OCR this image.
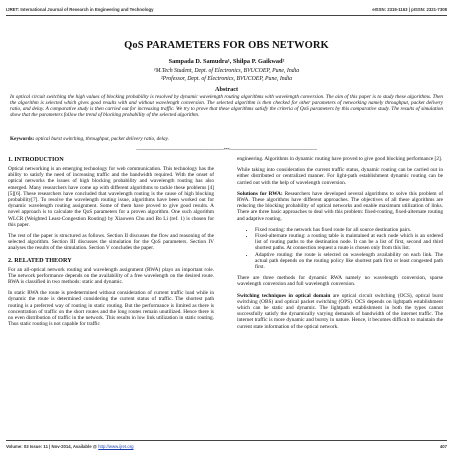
IJRET: International Journal of Research in Engineering and Technology	eISSN: 2319-1163 | pISSN: 2321-7308
QoS PARAMETERS FOR OBS NETWORK
Sampada D. Samudra¹, Shilpa P. Gaikwad²
¹M.Tech Student, Dept. of Electronics, BVUCOEP, Pune, India
²Professor, Dept. of Electronics, BVUCOEP, Pune, India
Abstract
In optical circuit switching the high values of blocking probability is resolved by dynamic wavelength routing algorithms with wavelength conversion. The aim of this paper is to study these algorithms. Then the algorithm is selected which gives good results with and without wavelength conversion. The selected algorithm is then checked for other parameters of networking namely throughput, packet delivery ratio, and delay. A comparative study is then carried out for increasing traffic. We try to prove that these algorithms satisfy the criteria of QoS parameters by this comparative study. The results of simulation show that the parameters follow the trend of blocking probability of the selected algorithm.
Keywords: optical burst switching, throughput, packet delivery ratio, delay.
-------------------------------------------------------------------------***-------------------------------------------------------------------------
1. INTRODUCTION

Optical networking is an emerging technology for web communication. This technology has the ability to satisfy the need of increasing traffic and the bandwidth required. With the onset of optical networks the issues of high blocking probability and wavelength routing has also emerged. Many researchers have come up with different algorithms to tackle these problems [4][5][6]. These researchers have concluded that wavelength routing is the cause of high blocking probability[7]. To resolve the wavelength routing issue, algorithms have been worked out for dynamic wavelength routing assignment. Some of them have proved to give good results. A novel approach is to calculate the QoS parameters for a proven algorithm. One such algorithm WLCR (Weighted Least-Congestion Routing) by Xiaowen Chu and Bo Li (ref. 1) is chosen for this paper.

The rest of the paper is structured as follows. Section II discusses the flow and reasoning of the selected algorithm. Section III discusses the simulation for the QoS parameters. Section IV analyses the results of the simulation. Section V concludes the paper.

2. RELATED THEORY

For an all-optical network routing and wavelength assignment (RWA) plays an important role. The network performance depends on the availability of a free wavelength on the desired route. RWA is classified in two methods: static and dynamic.

In static RWA the route is predetermined without consideration of current traffic load while in dynamic the route is determined considering the current status of traffic. The shortest path routing is a preferred way of routing in static routing. But the performance is limited as there is concentration of traffic on the short routes and the long routes remain unutilized. Hence there is no even distribution of traffic in the network. This results in low link utilization in static routing. Thus static routing is not capable for traffic

engineering. Algorithms in dynamic routing have proved to give good blocking performance [2].

While taking into consideration the current traffic status, dynamic routing can be carried out in either distributed or centralized manner. For light-path establishment dynamic routing can be carried out with the help of wavelength conversion.

Solutions for RWA: Researchers have developed several algorithms to solve this problem of RWA. These algorithms have different approaches. The objectives of all these algorithms are reducing the blocking probability of optical networks and enable maximum utilization of links. There are three basic approaches to deal with this problem: fixed-routing, fixed-alternate routing and adaptive routing.

• Fixed routing: the network has fixed route for all source destination pairs.
• Fixed-alternate routing: a routing table is maintained at each node which is an ordered list of routing paths to the destination node. It can be a list of first, second and third shortest paths. At connection request a route is chosen only from this list.
• Adaptive routing: the route is selected on wavelength availability on each link. The actual path depends on the routing policy like shortest path first or least congested path first.

There are three methods for dynamic RWA namely no wavelength conversion, sparse wavelength conversion and full wavelength conversion.

Switching techniques in optical domain are optical circuit switching (OCS), optical burst switching (OBS) and optical packet switching (OPS). OCS depends on lightpath establishment which can be static and dynamic. The lightpath establishment in both the types cannot successfully satisfy the dynamically varying demands of bandwidth of the internet traffic. The internet traffic is more dynamic and bursty in nature. Hence, it becomes difficult to maintain the current state information of the optical network.

Volume: 03 Issue: 11 | Nov-2014, Available @ http://www.ijret.org	407
